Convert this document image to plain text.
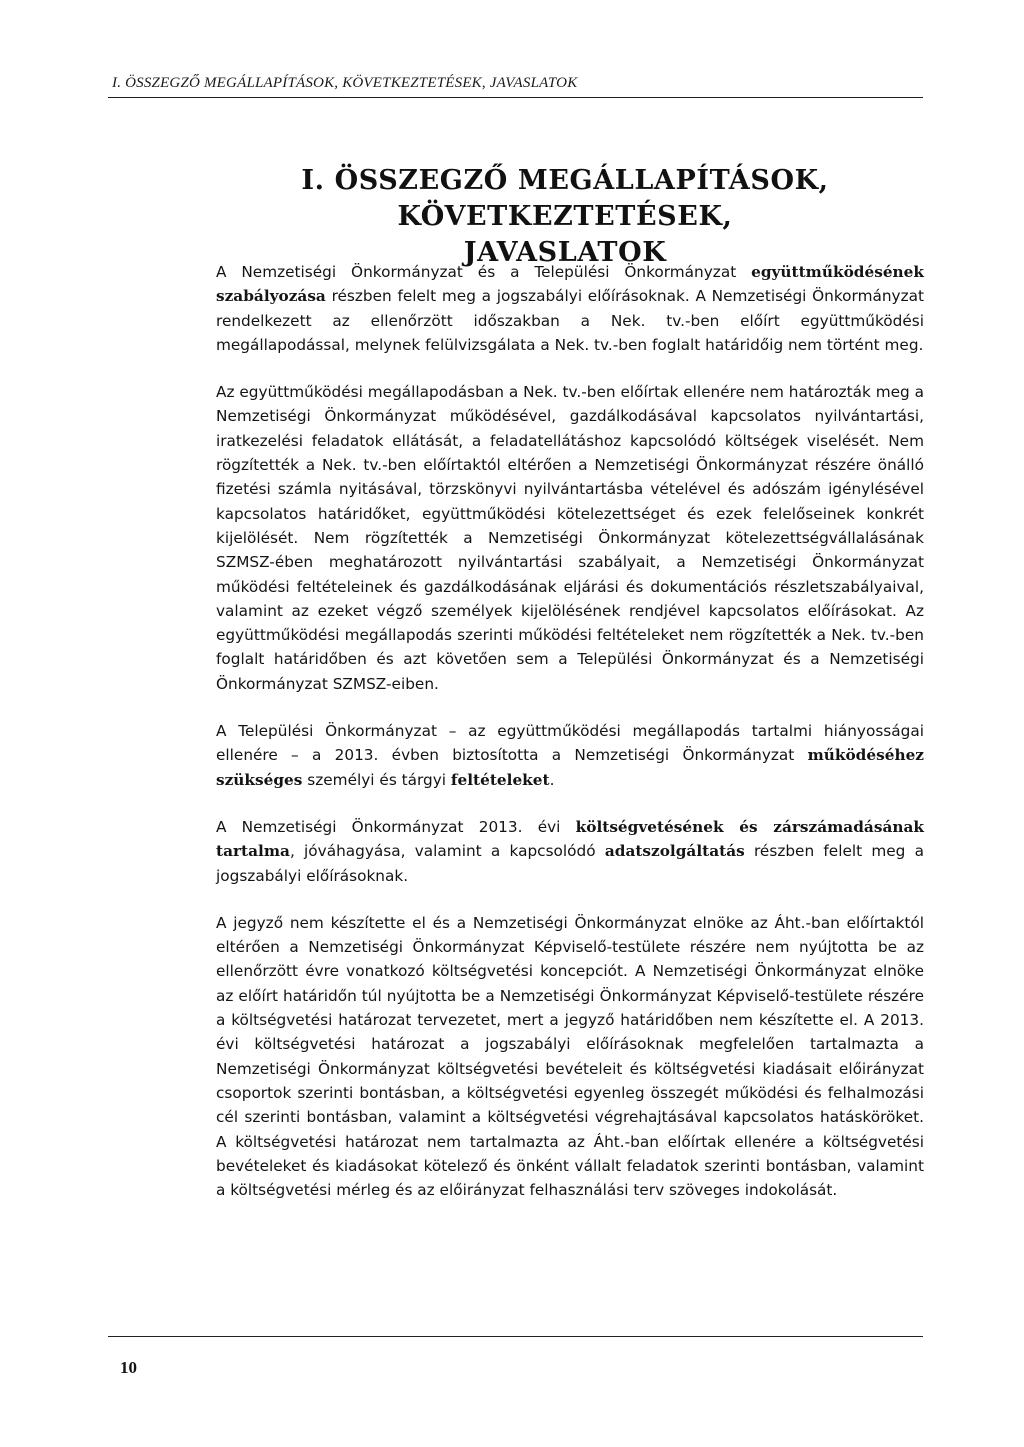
I. ÖSSZEGZŐ MEGÁLLAPÍTÁSOK, KÖVETKEZTETÉSEK, JAVASLATOK
I. ÖSSZEGZŐ MEGÁLLAPÍTÁSOK, KÖVETKEZTETÉSEK,
JAVASLATOK

A Nemzetiségi Önkormányzat és a Települési Önkormányzat együttműködésének szabályozása részben felelt meg a jogszabályi előírásoknak. A Nemzetiségi Önkormányzat rendelkezett az ellenőrzött időszakban a Nek. tv.-ben előírt együttműködési megállapodással, melynek felülvizsgálata a Nek. tv.-ben foglalt határidőig nem történt meg.

Az együttműködési megállapodásban a Nek. tv.-ben előírtak ellenére nem határozták meg a Nemzetiségi Önkormányzat működésével, gazdálkodásával kapcsolatos nyilvántartási, iratkezelési feladatok ellátását, a feladatellátáshoz kapcsolódó költségek viselését. Nem rögzítették a Nek. tv.-ben előírtaktól eltérően a Nemzetiségi Önkormányzat részére önálló fizetési számla nyitásával, törzskönyvi nyilvántartásba vételével és adószám igénylésével kapcsolatos határidőket, együttműködési kötelezettséget és ezek felelőseinek konkrét kijelölését. Nem rögzítették a Nemzetiségi Önkormányzat kötelezettségvállalásának SZMSZ-ében meghatározott nyilvántartási szabályait, a Nemzetiségi Önkormányzat működési feltételeinek és gazdálkodásának eljárási és dokumentációs részletszabályaival, valamint az ezeket végző személyek kijelölésének rendjével kapcsolatos előírásokat. Az együttműködési megállapodás szerinti működési feltételeket nem rögzítették a Nek. tv.-ben foglalt határidőben és azt követően sem a Települési Önkormányzat és a Nemzetiségi Önkormányzat SZMSZ-eiben.

A Települési Önkormányzat – az együttműködési megállapodás tartalmi hiányosságai ellenére – a 2013. évben biztosította a Nemzetiségi Önkormányzat működéséhez szükséges személyi és tárgyi feltételeket.

A Nemzetiségi Önkormányzat 2013. évi költségvetésének és zárszámadásának tartalma, jóváhagyása, valamint a kapcsolódó adatszolgáltatás részben felelt meg a jogszabályi előírásoknak.

A jegyző nem készítette el és a Nemzetiségi Önkormányzat elnöke az Áht.-ban előírtaktól eltérően a Nemzetiségi Önkormányzat Képviselő-testülete részére nem nyújtotta be az ellenőrzött évre vonatkozó költségvetési koncepciót. A Nemzetiségi Önkormányzat elnöke az előírt határidőn túl nyújtotta be a Nemzetiségi Önkormányzat Képviselő-testülete részére a költségvetési határozat tervezetet, mert a jegyző határidőben nem készítette el. A 2013. évi költségvetési határozat a jogszabályi előírásoknak megfelelően tartalmazta a Nemzetiségi Önkormányzat költségvetési bevételeit és költségvetési kiadásait előirányzat csoportok szerinti bontásban, a költségvetési egyenleg összegét működési és felhalmozási cél szerinti bontásban, valamint a költségvetési végrehajtásával kapcsolatos hatásköröket. A költségvetési határozat nem tartalmazta az Áht.-ban előírtak ellenére a költségvetési bevételeket és kiadásokat kötelező és önként vállalt feladatok szerinti bontásban, valamint a költségvetési mérleg és az előirányzat felhasználási terv szöveges indokolását.

10
